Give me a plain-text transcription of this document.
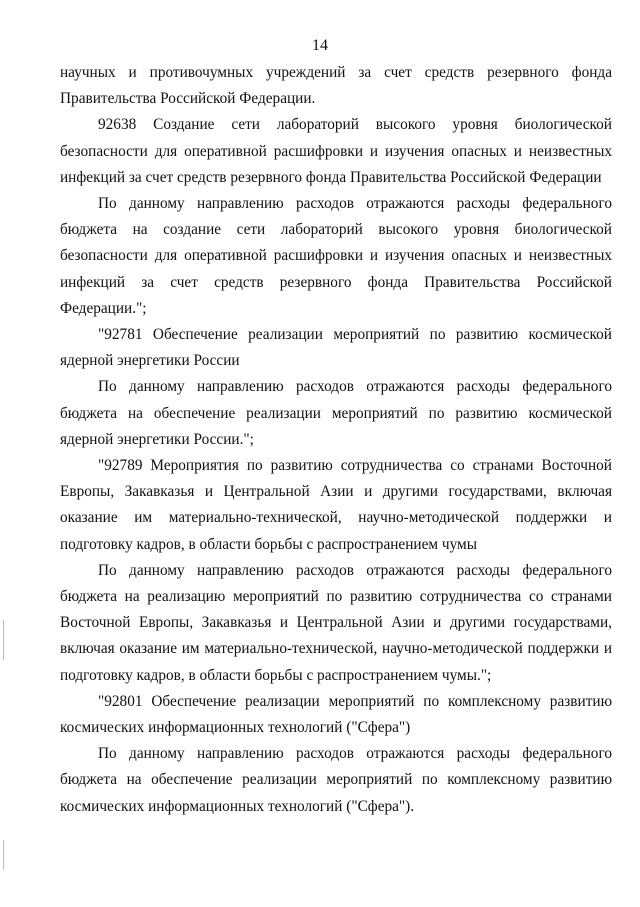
14

научных и противочумных учреждений за счет средств резервного фонда Правительства Российской Федерации.

92638 Создание сети лабораторий высокого уровня биологической безопасности для оперативной расшифровки и изучения опасных и неизвестных инфекций за счет средств резервного фонда Правительства Российской Федерации

По данному направлению расходов отражаются расходы федерального бюджета на создание сети лабораторий высокого уровня биологической безопасности для оперативной расшифровки и изучения опасных и неизвестных инфекций за счет средств резервного фонда Правительства Российской Федерации.";

"92781 Обеспечение реализации мероприятий по развитию космической ядерной энергетики России

По данному направлению расходов отражаются расходы федерального бюджета на обеспечение реализации мероприятий по развитию космической ядерной энергетики России.";

"92789 Мероприятия по развитию сотрудничества со странами Восточной Европы, Закавказья и Центральной Азии и другими государствами, включая оказание им материально-технической, научно-методической поддержки и подготовку кадров, в области борьбы с распространением чумы

По данному направлению расходов отражаются расходы федерального бюджета на реализацию мероприятий по развитию сотрудничества со странами Восточной Европы, Закавказья и Центральной Азии и другими государствами, включая оказание им материально-технической, научно-методической поддержки и подготовку кадров, в области борьбы с распространением чумы.";

"92801 Обеспечение реализации мероприятий по комплексному развитию космических информационных технологий ("Сфера")

По данному направлению расходов отражаются расходы федерального бюджета на обеспечение реализации мероприятий по комплексному развитию космических информационных технологий ("Сфера").
